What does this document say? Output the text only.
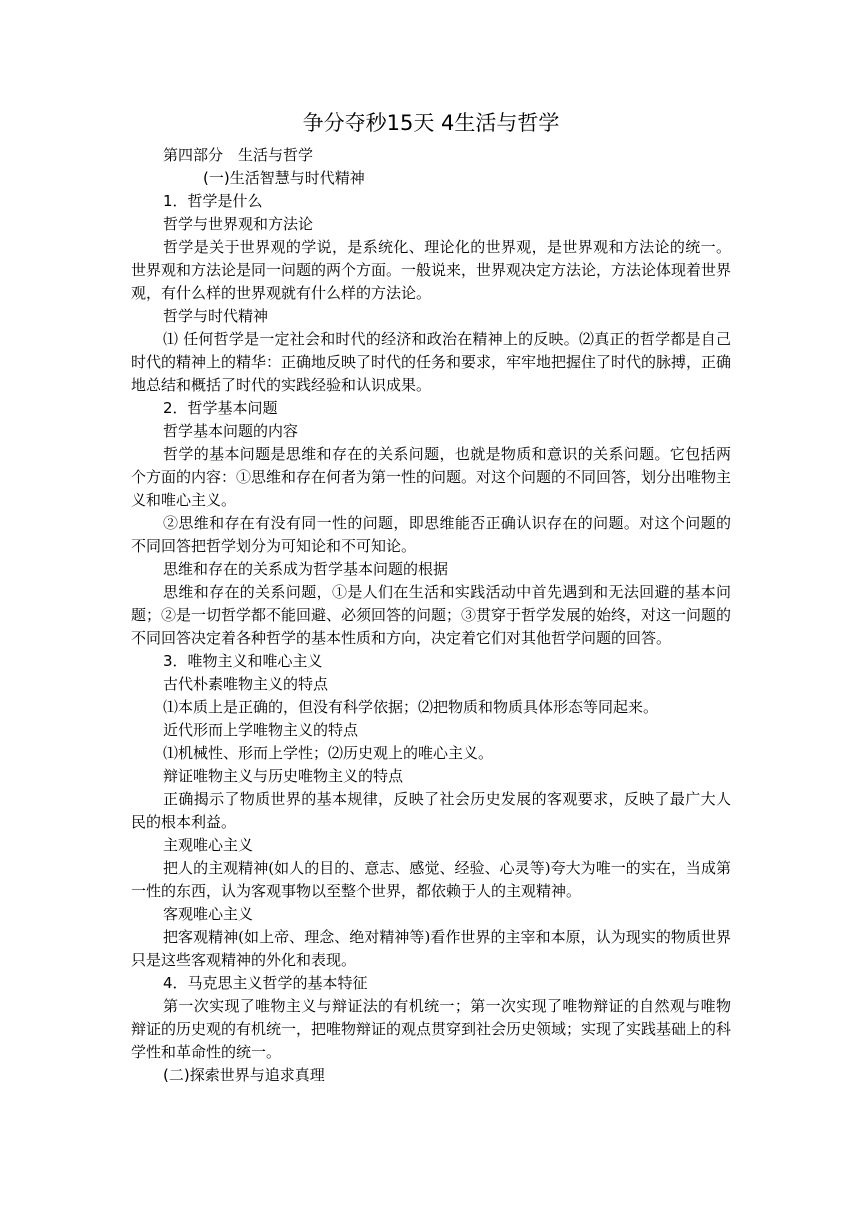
争分夺秒15天 4生活与哲学

第四部分　生活与哲学

(一)生活智慧与时代精神

1．哲学是什么

哲学与世界观和方法论

哲学是关于世界观的学说，是系统化、理论化的世界观，是世界观和方法论的统一。世界观和方法论是同一问题的两个方面。一般说来，世界观决定方法论，方法论体现着世界观，有什么样的世界观就有什么样的方法论。

哲学与时代精神

⑴ 任何哲学是一定社会和时代的经济和政治在精神上的反映。⑵真正的哲学都是自己时代的精神上的精华：正确地反映了时代的任务和要求，牢牢地把握住了时代的脉搏，正确地总结和概括了时代的实践经验和认识成果。

2．哲学基本问题

哲学基本问题的内容

哲学的基本问题是思维和存在的关系问题，也就是物质和意识的关系问题。它包括两个方面的内容：①思维和存在何者为第一性的问题。对这个问题的不同回答，划分出唯物主义和唯心主义。

②思维和存在有没有同一性的问题，即思维能否正确认识存在的问题。对这个问题的不同回答把哲学划分为可知论和不可知论。

思维和存在的关系成为哲学基本问题的根据

思维和存在的关系问题，①是人们在生活和实践活动中首先遇到和无法回避的基本问题；②是一切哲学都不能回避、必须回答的问题；③贯穿于哲学发展的始终，对这一问题的不同回答决定着各种哲学的基本性质和方向，决定着它们对其他哲学问题的回答。

3．唯物主义和唯心主义

古代朴素唯物主义的特点

⑴本质上是正确的，但没有科学依据；⑵把物质和物质具体形态等同起来。

近代形而上学唯物主义的特点

⑴机械性、形而上学性；⑵历史观上的唯心主义。

辩证唯物主义与历史唯物主义的特点

正确揭示了物质世界的基本规律，反映了社会历史发展的客观要求，反映了最广大人民的根本利益。

主观唯心主义

把人的主观精神(如人的目的、意志、感觉、经验、心灵等)夸大为唯一的实在，当成第一性的东西，认为客观事物以至整个世界，都依赖于人的主观精神。

客观唯心主义

把客观精神(如上帝、理念、绝对精神等)看作世界的主宰和本原，认为现实的物质世界只是这些客观精神的外化和表现。

4．马克思主义哲学的基本特征

第一次实现了唯物主义与辩证法的有机统一；第一次实现了唯物辩证的自然观与唯物辩证的历史观的有机统一，把唯物辩证的观点贯穿到社会历史领域；实现了实践基础上的科学性和革命性的统一。

(二)探索世界与追求真理
